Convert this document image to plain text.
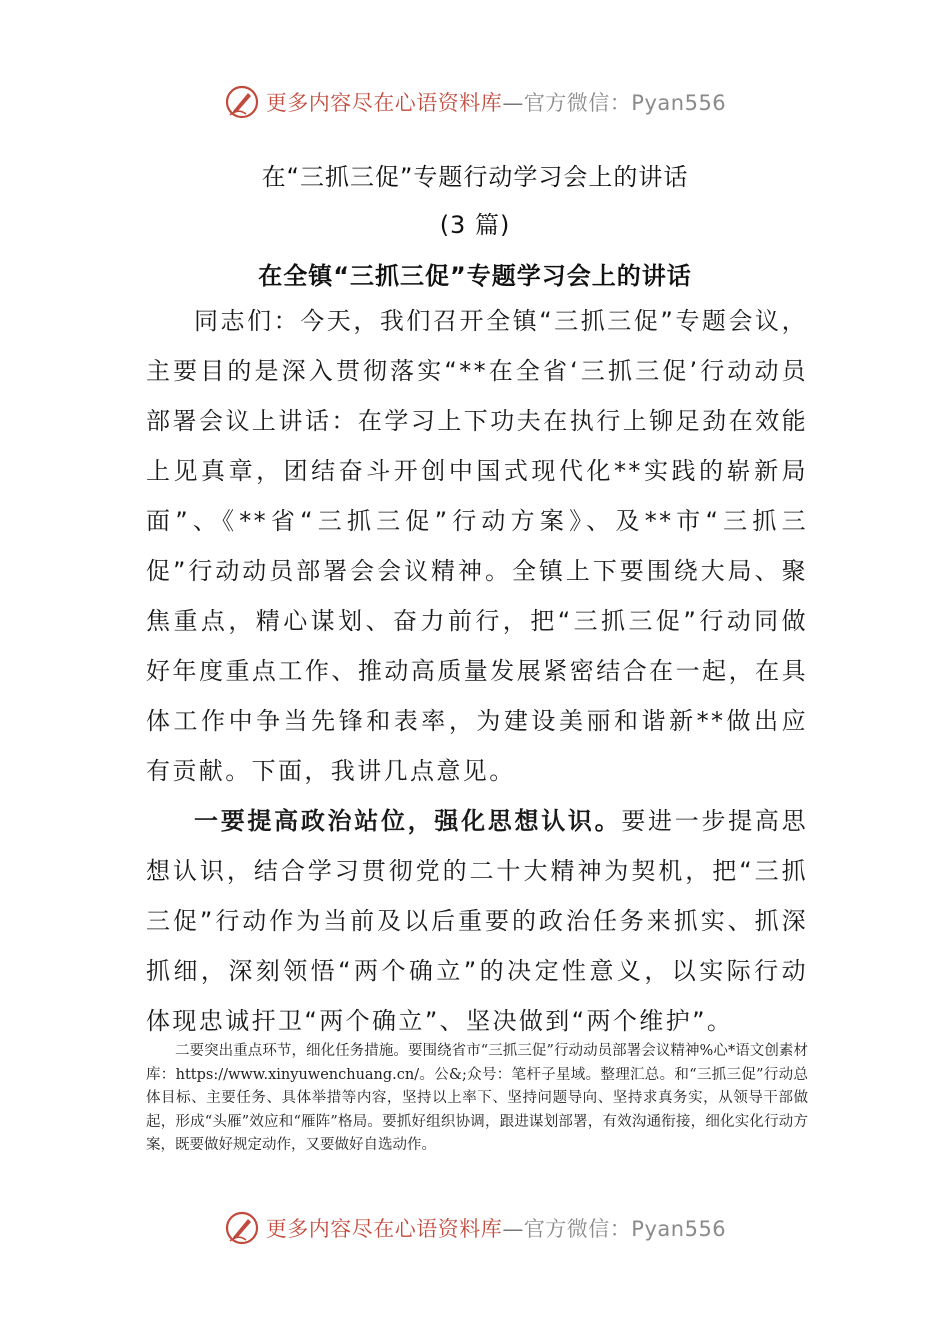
更多内容尽在心语资料库—官方微信：Pyan556
在“三抓三促”专题行动学习会上的讲话
(3 篇)
在全镇“三抓三促”专题学习会上的讲话

同志们：今天，我们召开全镇“三抓三促”专题会议，主要目的是深入贯彻落实“**在全省‘三抓三促’行动动员部署会议上讲话：在学习上下功夫在执行上铆足劲在效能上见真章，团结奋斗开创中国式现代化**实践的崭新局面”、《**省“三抓三促”行动方案》、及**市“三抓三促”行动动员部署会会议精神。全镇上下要围绕大局、聚焦重点，精心谋划、奋力前行，把“三抓三促”行动同做好年度重点工作、推动高质量发展紧密结合在一起，在具体工作中争当先锋和表率，为建设美丽和谐新**做出应有贡献。下面，我讲几点意见。

一要提高政治站位，强化思想认识。要进一步提高思想认识，结合学习贯彻党的二十大精神为契机，把“三抓三促”行动作为当前及以后重要的政治任务来抓实、抓深抓细，深刻领悟“两个确立”的决定性意义，以实际行动体现忠诚扞卫“两个确立”、坚决做到“两个维护”。

二要突出重点环节，细化任务措施。要围绕省市“三抓三促”行动动员部署会议精神%心*语文创素材库：https://www.xinyuwenchuang.cn/。公&;众号：笔杆子星域。整理汇总。和“三抓三促”行动总体目标、主要任务、具体举措等内容，坚持以上率下、坚持问题导向、坚持求真务实，从领导干部做起，形成“头雁”效应和“雁阵”格局。要抓好组织协调，跟进谋划部署，有效沟通衔接，细化实化行动方案，既要做好规定动作，又要做好自选动作。

更多内容尽在心语资料库—官方微信：Pyan556
